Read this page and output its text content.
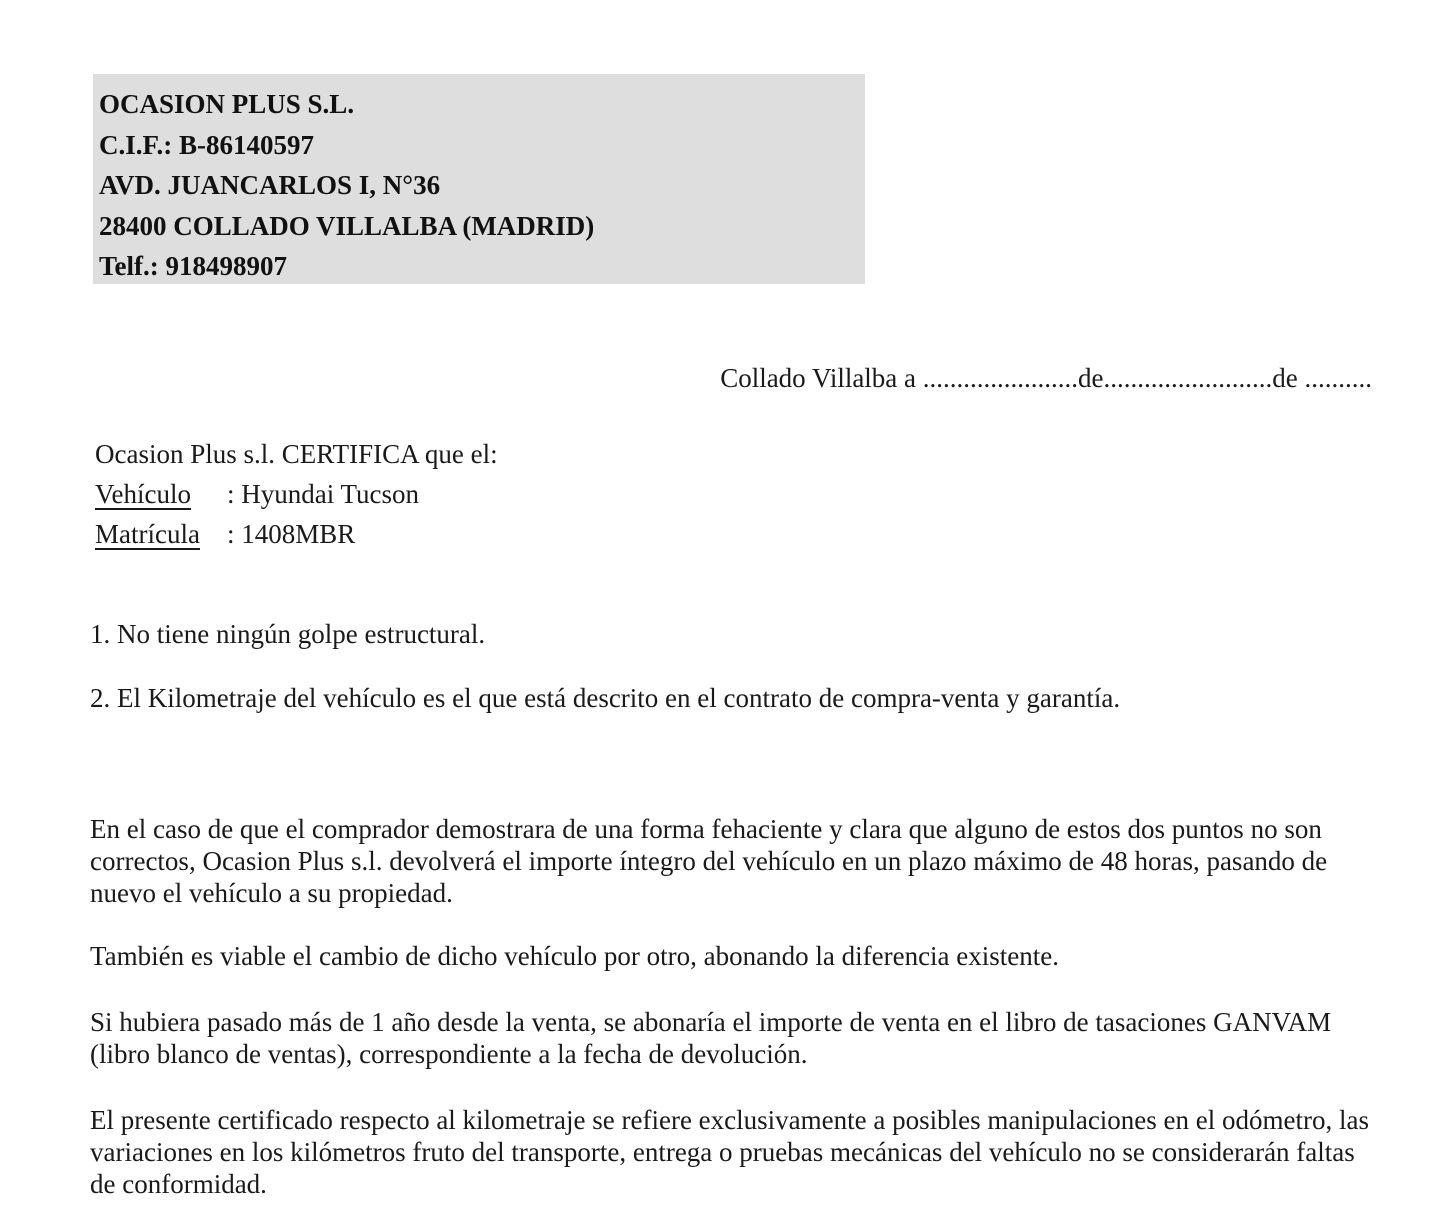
OCASION PLUS S.L.
C.I.F.: B-86140597
AVD. JUANCARLOS I, N°36
28400 COLLADO VILLALBA (MADRID)
Telf.: 918498907
Collado Villalba a .......................de.........................de ..........
Ocasion Plus s.l. CERTIFICA que el:
Vehículo : Hyundai Tucson
Matrícula : 1408MBR
1. No tiene ningún golpe estructural.
2. El Kilometraje del vehículo es el que está descrito en el contrato de compra-venta y garantía.
En el caso de que el comprador demostrara de una forma fehaciente y clara que alguno de estos dos puntos no son correctos, Ocasion Plus s.l. devolverá el importe íntegro del vehículo en un plazo máximo de 48 horas, pasando de nuevo el vehículo a su propiedad.
También es viable el cambio de dicho vehículo por otro, abonando la diferencia existente.
Si hubiera pasado más de 1 año desde la venta, se abonaría el importe de venta en el libro de tasaciones GANVAM (libro blanco de ventas), correspondiente a la fecha de devolución.
El presente certificado respecto al kilometraje se refiere exclusivamente a posibles manipulaciones en el odómetro, las variaciones en los kilómetros fruto del transporte, entrega o pruebas mecánicas del vehículo no se considerarán faltas de conformidad.
